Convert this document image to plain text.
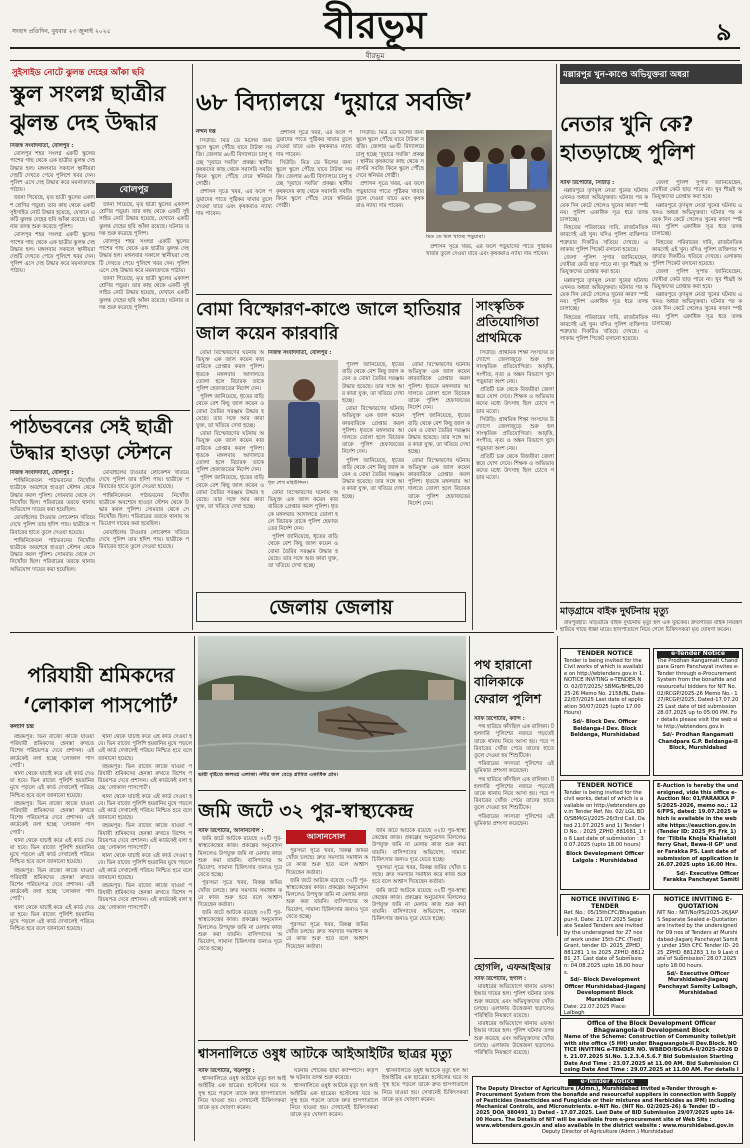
সংবাদ প্রতিদিন, বুধবার ২৩ জুলাই ২০২৫	বীরভূম	৯
বীরভূম
সুইসাইড নোটে ঝুলন্ত দেহের আঁকা ছবি
স্কুল সংলগ্ন ছাত্রীর ঝুলন্ত দেহ উদ্ধার
বোলপুর

নিজস্ব সংবাদদাতা, বোলপুর :

বোলপুর শহর সংলগ্ন একটি স্কুলের পাশের গাছ থেকে এক ছাত্রীর ঝুলন্ত দেহ উদ্ধার হল। মঙ্গলবার সকালে স্থানীয়রা দেহটি দেখতে পেয়ে পুলিশে খবর দেন। পুলিশ এসে দেহ উদ্ধার করে ময়নাতদন্তে পাঠায়।

জানা গিয়েছে, মৃত ছাত্রী স্কুলের একাদশ শ্রেণির পড়ুয়া। তার কাছ থেকে একটি সুইসাইড নোট উদ্ধার হয়েছে, যেখানে একটি ঝুলন্ত দেহের ছবি আঁকা রয়েছে। ঘটনার তদন্ত শুরু করেছে পুলিশ।

বোলপুর শহর সংলগ্ন একটি স্কুলের পাশের গাছ থেকে এক ছাত্রীর ঝুলন্ত দেহ উদ্ধার হল। মঙ্গলবার সকালে স্থানীয়রা দেহটি দেখতে পেয়ে পুলিশে খবর দেন। পুলিশ এসে দেহ উদ্ধার করে ময়নাতদন্তে পাঠায়।

জানা গিয়েছে, মৃত ছাত্রী স্কুলের একাদশ শ্রেণির পড়ুয়া। তার কাছ থেকে একটি সুইসাইড নোট উদ্ধার হয়েছে, যেখানে একটি ঝুলন্ত দেহের ছবি আঁকা রয়েছে। ঘটনার তদন্ত শুরু করেছে পুলিশ।

বোলপুর শহর সংলগ্ন একটি স্কুলের পাশের গাছ থেকে এক ছাত্রীর ঝুলন্ত দেহ উদ্ধার হল। মঙ্গলবার সকালে স্থানীয়রা দেহটি দেখতে পেয়ে পুলিশে খবর দেন। পুলিশ এসে দেহ উদ্ধার করে ময়নাতদন্তে পাঠায়।

জানা গিয়েছে, মৃত ছাত্রী স্কুলের একাদশ শ্রেণির পড়ুয়া। তার কাছ থেকে একটি সুইসাইড নোট উদ্ধার হয়েছে, যেখানে একটি ঝুলন্ত দেহের ছবি আঁকা রয়েছে। ঘটনার তদন্ত শুরু করেছে পুলিশ।

পাঠভবনের সেই ছাত্রী উদ্ধার হাওড়া স্টেশনে

নিজস্ব সংবাদদাতা, বোলপুর :

শান্তিনিকেতন পাঠভবনের নিখোঁজ ছাত্রীকে অবশেষে হাওড়া স্টেশন থেকে উদ্ধার করল পুলিশ। সোমবার থেকে সে নিখোঁজ ছিল। পরিবারের তরফে থানায় অভিযোগ দায়ের করা হয়েছিল।

মোবাইলের টাওয়ার লোকেশন খতিয়ে দেখে পুলিশ তার হদিশ পায়। ছাত্রীকে পরিবারের হাতে তুলে দেওয়া হয়েছে।

শান্তিনিকেতন পাঠভবনের নিখোঁজ ছাত্রীকে অবশেষে হাওড়া স্টেশন থেকে উদ্ধার করল পুলিশ। সোমবার থেকে সে নিখোঁজ ছিল। পরিবারের তরফে থানায় অভিযোগ দায়ের করা হয়েছিল।

মোবাইলের টাওয়ার লোকেশন খতিয়ে দেখে পুলিশ তার হদিশ পায়। ছাত্রীকে পরিবারের হাতে তুলে দেওয়া হয়েছে।

শান্তিনিকেতন পাঠভবনের নিখোঁজ ছাত্রীকে অবশেষে হাওড়া স্টেশন থেকে উদ্ধার করল পুলিশ। সোমবার থেকে সে নিখোঁজ ছিল। পরিবারের তরফে থানায় অভিযোগ দায়ের করা হয়েছিল।

মোবাইলের টাওয়ার লোকেশন খতিয়ে দেখে পুলিশ তার হদিশ পায়। ছাত্রীকে পরিবারের হাতে তুলে দেওয়া হয়েছে।

৬৮ বিদ্যালয়ে ‘দুয়ারে সবজি’
নন্দন দত্ত

সিউড়ি: মিড ডে মিলের জন্য স্কুলে স্কুলে পৌঁছে যাবে টাটকা সবজি। জেলার ৬৮টি বিদ্যালয়ে চালু হচ্ছে ‘দুয়ারে সবজি’ প্রকল্প। স্থানীয় কৃষকদের কাছ থেকে সরাসরি সবজি কিনে স্কুলে পৌঁছে দেবে স্বনির্ভর গোষ্ঠী।

প্রশাসন সূত্রে খবর, এর ফলে পড়ুয়াদের পাতে পুষ্টিকর খাবার তুলে দেওয়া যাবে এবং কৃষকরাও ন্যায্য দাম পাবেন।

প্রশাসন সূত্রে খবর, এর ফলে পড়ুয়াদের পাতে পুষ্টিকর খাবার তুলে দেওয়া যাবে এবং কৃষকরাও ন্যায্য দাম পাবেন।

সিউড়ি: মিড ডে মিলের জন্য স্কুলে স্কুলে পৌঁছে যাবে টাটকা সবজি। জেলার ৬৮টি বিদ্যালয়ে চালু হচ্ছে ‘দুয়ারে সবজি’ প্রকল্প। স্থানীয় কৃষকদের কাছ থেকে সরাসরি সবজি কিনে স্কুলে পৌঁছে দেবে স্বনির্ভর গোষ্ঠী।

সিউড়ি: মিড ডে মিলের জন্য স্কুলে স্কুলে পৌঁছে যাবে টাটকা সবজি। জেলার ৬৮টি বিদ্যালয়ে চালু হচ্ছে ‘দুয়ারে সবজি’ প্রকল্প। স্থানীয় কৃষকদের কাছ থেকে সরাসরি সবজি কিনে স্কুলে পৌঁছে দেবে স্বনির্ভর গোষ্ঠী।

প্রশাসন সূত্রে খবর, এর ফলে পড়ুয়াদের পাতে পুষ্টিকর খাবার তুলে দেওয়া যাবে এবং কৃষকরাও ন্যায্য দাম পাবেন।

মিড ডে মিল খাচ্ছে পড়ুয়ারা।

প্রশাসন সূত্রে খবর, এর ফলে পড়ুয়াদের পাতে পুষ্টিকর খাবার তুলে দেওয়া যাবে এবং কৃষকরাও ন্যায্য দাম পাবেন।

বোমা বিস্ফোরণ-কাণ্ডে জালে হাতিয়ার জাল কয়েন কারবারি

বোমা বিস্ফোরণের ঘটনায় অভিযুক্ত এক জাল কয়েন কারবারিকে গ্রেপ্তার করল পুলিশ। ধৃতকে মঙ্গলবার আদালতে তোলা হলে বিচারক তাকে পুলিশ হেফাজতের নির্দেশ দেন।

পুলিশ জানিয়েছে, ধৃতের বাড়ি থেকে বেশ কিছু জাল কয়েন ও বোমা তৈরির সরঞ্জাম উদ্ধার হয়েছে। তার সঙ্গে আর কারা যুক্ত, তা খতিয়ে দেখা হচ্ছে।

বোমা বিস্ফোরণের ঘটনায় অভিযুক্ত এক জাল কয়েন কারবারিকে গ্রেপ্তার করল পুলিশ। ধৃতকে মঙ্গলবার আদালতে তোলা হলে বিচারক তাকে পুলিশ হেফাজতের নির্দেশ দেন।

পুলিশ জানিয়েছে, ধৃতের বাড়ি থেকে বেশ কিছু জাল কয়েন ও বোমা তৈরির সরঞ্জাম উদ্ধার হয়েছে। তার সঙ্গে আর কারা যুক্ত, তা খতিয়ে দেখা হচ্ছে।

ধৃত শেখ মহিউদ্দিন।

নিজস্ব সংবাদদাতা, বোলপুর :

পুলিশ জানিয়েছে, ধৃতের বাড়ি থেকে বেশ কিছু জাল কয়েন ও বোমা তৈরির সরঞ্জাম উদ্ধার হয়েছে। তার সঙ্গে আর কারা যুক্ত, তা খতিয়ে দেখা হচ্ছে।

বোমা বিস্ফোরণের ঘটনায় অভিযুক্ত এক জাল কয়েন কারবারিকে গ্রেপ্তার করল পুলিশ। ধৃতকে মঙ্গলবার আদালতে তোলা হলে বিচারক তাকে পুলিশ হেফাজতের নির্দেশ দেন।

পুলিশ জানিয়েছে, ধৃতের বাড়ি থেকে বেশ কিছু জাল কয়েন ও বোমা তৈরির সরঞ্জাম উদ্ধার হয়েছে। তার সঙ্গে আর কারা যুক্ত, তা খতিয়ে দেখা হচ্ছে।

বোমা বিস্ফোরণের ঘটনায় অভিযুক্ত এক জাল কয়েন কারবারিকে গ্রেপ্তার করল পুলিশ। ধৃতকে মঙ্গলবার আদালতে তোলা হলে বিচারক তাকে পুলিশ হেফাজতের নির্দেশ দেন।

পুলিশ জানিয়েছে, ধৃতের বাড়ি থেকে বেশ কিছু জাল কয়েন ও বোমা তৈরির সরঞ্জাম উদ্ধার হয়েছে। তার সঙ্গে আর কারা যুক্ত, তা খতিয়ে দেখা হচ্ছে।

বোমা বিস্ফোরণের ঘটনায় অভিযুক্ত এক জাল কয়েন কারবারিকে গ্রেপ্তার করল পুলিশ। ধৃতকে মঙ্গলবার আদালতে তোলা হলে বিচারক তাকে পুলিশ হেফাজতের নির্দেশ দেন।

পুলিশ জানিয়েছে, ধৃতের বাড়ি থেকে বেশ কিছু জাল কয়েন ও বোমা তৈরির সরঞ্জাম উদ্ধার হয়েছে। তার সঙ্গে আর কারা যুক্ত, তা খতিয়ে দেখা হচ্ছে।

বোমা বিস্ফোরণের ঘটনায় অভিযুক্ত এক জাল কয়েন কারবারিকে গ্রেপ্তার করল পুলিশ। ধৃতকে মঙ্গলবার আদালতে তোলা হলে বিচারক তাকে পুলিশ হেফাজতের নির্দেশ দেন।

সাংস্কৃতিক প্রতিযোগিতা প্রাথমিকে

সিউড়ি: প্রাথমিক শিক্ষা সংসদের উদ্যোগে জেলাজুড়ে শুরু হল সাংস্কৃতিক প্রতিযোগিতা। আবৃত্তি, সংগীত, নৃত্য ও অঙ্কন বিভাগে খুদে পড়ুয়ারা অংশ নেয়।

প্রতিটি চক্র থেকে বিজয়ীরা জেলা স্তরে যোগ দেবে। শিক্ষক ও অভিভাবকদের মধ্যে উৎসাহ ছিল চোখে পড়ার মতো।

সিউড়ি: প্রাথমিক শিক্ষা সংসদের উদ্যোগে জেলাজুড়ে শুরু হল সাংস্কৃতিক প্রতিযোগিতা। আবৃত্তি, সংগীত, নৃত্য ও অঙ্কন বিভাগে খুদে পড়ুয়ারা অংশ নেয়।

প্রতিটি চক্র থেকে বিজয়ীরা জেলা স্তরে যোগ দেবে। শিক্ষক ও অভিভাবকদের মধ্যে উৎসাহ ছিল চোখে পড়ার মতো।

মল্লারপুর খুন-কাণ্ডে অভিযুক্তরা অধরা
নেতার খুনি কে? হাতড়াচ্ছে পুলিশ

স্টাফ রিপোর্টার, সিউড়ি :

মল্লারপুরে তৃণমূল নেতা খুনের ঘটনায় এখনও অধরা অভিযুক্তরা। ঘটনার পর কয়েক দিন কেটে গেলেও খুনের কারণ স্পষ্ট নয়। পুলিশ একাধিক সূত্র ধরে তদন্ত চালাচ্ছে।

নিহতের পরিবারের দাবি, রাজনৈতিক কারণেই এই খুন। যদিও পুলিশ ব্যক্তিগত শত্রুতার দিকটিও খতিয়ে দেখছে। এলাকায় পুলিশ পিকেট বসানো হয়েছে।

জেলা পুলিশ সুপার জানিয়েছেন, দোষীরা কেউ ছাড় পাবে না। খুব শীঘ্রই অভিযুক্তদের গ্রেপ্তার করা হবে।

মল্লারপুরে তৃণমূল নেতা খুনের ঘটনায় এখনও অধরা অভিযুক্তরা। ঘটনার পর কয়েক দিন কেটে গেলেও খুনের কারণ স্পষ্ট নয়। পুলিশ একাধিক সূত্র ধরে তদন্ত চালাচ্ছে।

নিহতের পরিবারের দাবি, রাজনৈতিক কারণেই এই খুন। যদিও পুলিশ ব্যক্তিগত শত্রুতার দিকটিও খতিয়ে দেখছে। এলাকায় পুলিশ পিকেট বসানো হয়েছে।

জেলা পুলিশ সুপার জানিয়েছেন, দোষীরা কেউ ছাড় পাবে না। খুব শীঘ্রই অভিযুক্তদের গ্রেপ্তার করা হবে।

মল্লারপুরে তৃণমূল নেতা খুনের ঘটনায় এখনও অধরা অভিযুক্তরা। ঘটনার পর কয়েক দিন কেটে গেলেও খুনের কারণ স্পষ্ট নয়। পুলিশ একাধিক সূত্র ধরে তদন্ত চালাচ্ছে।

নিহতের পরিবারের দাবি, রাজনৈতিক কারণেই এই খুন। যদিও পুলিশ ব্যক্তিগত শত্রুতার দিকটিও খতিয়ে দেখছে। এলাকায় পুলিশ পিকেট বসানো হয়েছে।

জেলা পুলিশ সুপার জানিয়েছেন, দোষীরা কেউ ছাড় পাবে না। খুব শীঘ্রই অভিযুক্তদের গ্রেপ্তার করা হবে।

মল্লারপুরে তৃণমূল নেতা খুনের ঘটনায় এখনও অধরা অভিযুক্তরা। ঘটনার পর কয়েক দিন কেটে গেলেও খুনের কারণ স্পষ্ট নয়। পুলিশ একাধিক সূত্র ধরে তদন্ত চালাচ্ছে।

মাড়গ্রামে বাইক দুর্ঘটনায় মৃত্যু

রামপুরহাট: মাড়গ্রামে বাইক দুর্ঘটনায় মৃত্যু হল এক যুবকের। দ্রুতগতির বাইক নিয়ন্ত্রণ হারিয়ে গাছে ধাক্কা মারে। হাসপাতালে নিয়ে গেলে চিকিৎসকরা মৃত ঘোষণা করেন।

জেলায় জেলায়
পরিযায়ী শ্রমিকদের ‘লোকাল পাসপোর্ট’
কল্যাণ চন্দ্র

বহরমপুর: ভিন রাজ্যে কাজে যাওয়া পরিযায়ী শ্রমিকদের হেনস্তা রুখতে বিশেষ পরিচয়পত্র দেবে প্রশাসন। এই কার্ডকেই বলা হচ্ছে ‘লোকাল পাসপোর্ট’।

থানা থেকে যাচাই করে এই কার্ড দেওয়া হবে। ভিন রাজ্যে পুলিশি হয়রানির মুখে পড়লে এই কার্ড দেখালেই পরিচয় নিশ্চিত হবে বলে জানানো হয়েছে।

বহরমপুর: ভিন রাজ্যে কাজে যাওয়া পরিযায়ী শ্রমিকদের হেনস্তা রুখতে বিশেষ পরিচয়পত্র দেবে প্রশাসন। এই কার্ডকেই বলা হচ্ছে ‘লোকাল পাসপোর্ট’।

থানা থেকে যাচাই করে এই কার্ড দেওয়া হবে। ভিন রাজ্যে পুলিশি হয়রানির মুখে পড়লে এই কার্ড দেখালেই পরিচয় নিশ্চিত হবে বলে জানানো হয়েছে।

বহরমপুর: ভিন রাজ্যে কাজে যাওয়া পরিযায়ী শ্রমিকদের হেনস্তা রুখতে বিশেষ পরিচয়পত্র দেবে প্রশাসন। এই কার্ডকেই বলা হচ্ছে ‘লোকাল পাসপোর্ট’।

থানা থেকে যাচাই করে এই কার্ড দেওয়া হবে। ভিন রাজ্যে পুলিশি হয়রানির মুখে পড়লে এই কার্ড দেখালেই পরিচয় নিশ্চিত হবে বলে জানানো হয়েছে।

থানা থেকে যাচাই করে এই কার্ড দেওয়া হবে। ভিন রাজ্যে পুলিশি হয়রানির মুখে পড়লে এই কার্ড দেখালেই পরিচয় নিশ্চিত হবে বলে জানানো হয়েছে।

বহরমপুর: ভিন রাজ্যে কাজে যাওয়া পরিযায়ী শ্রমিকদের হেনস্তা রুখতে বিশেষ পরিচয়পত্র দেবে প্রশাসন। এই কার্ডকেই বলা হচ্ছে ‘লোকাল পাসপোর্ট’।

থানা থেকে যাচাই করে এই কার্ড দেওয়া হবে। ভিন রাজ্যে পুলিশি হয়রানির মুখে পড়লে এই কার্ড দেখালেই পরিচয় নিশ্চিত হবে বলে জানানো হয়েছে।

বহরমপুর: ভিন রাজ্যে কাজে যাওয়া পরিযায়ী শ্রমিকদের হেনস্তা রুখতে বিশেষ পরিচয়পত্র দেবে প্রশাসন। এই কার্ডকেই বলা হচ্ছে ‘লোকাল পাসপোর্ট’।

থানা থেকে যাচাই করে এই কার্ড দেওয়া হবে। ভিন রাজ্যে পুলিশি হয়রানির মুখে পড়লে এই কার্ড দেখালেই পরিচয় নিশ্চিত হবে বলে জানানো হয়েছে।

বহরমপুর: ভিন রাজ্যে কাজে যাওয়া পরিযায়ী শ্রমিকদের হেনস্তা রুখতে বিশেষ পরিচয়পত্র দেবে প্রশাসন। এই কার্ডকেই বলা হচ্ছে ‘লোকাল পাসপোর্ট’।

ভারী বৃষ্টিতে জলমগ্ন এলাকা। নদীর জল বেড়ে প্লাবিত একাধিক গ্রাম।
জমি জটে ৩২ পুর-স্বাস্থ্যকেন্দ্র

স্টাফ রিপোর্টার, আসানসোল :

জমি জটে আটকে রয়েছে ৩২টি পুর-স্বাস্থ্যকেন্দ্রের কাজ। প্রকল্পের অনুমোদন মিললেও উপযুক্ত জমি না মেলায় কাজ শুরু করা যায়নি। বাসিন্দাদের অভিযোগ, সামান্য চিকিৎসার জন্যও দূরে যেতে হচ্ছে।

পুরসভা সূত্রে খবর, বিকল্প জমির খোঁজ চলছে। দ্রুত সমস্যার সমাধান করে কাজ শুরু হবে বলে আশ্বাস দিয়েছেন কর্তারা।

জমি জটে আটকে রয়েছে ৩২টি পুর-স্বাস্থ্যকেন্দ্রের কাজ। প্রকল্পের অনুমোদন মিললেও উপযুক্ত জমি না মেলায় কাজ শুরু করা যায়নি। বাসিন্দাদের অভিযোগ, সামান্য চিকিৎসার জন্যও দূরে যেতে হচ্ছে।

আসানসোল

পুরসভা সূত্রে খবর, বিকল্প জমির খোঁজ চলছে। দ্রুত সমস্যার সমাধান করে কাজ শুরু হবে বলে আশ্বাস দিয়েছেন কর্তারা।

জমি জটে আটকে রয়েছে ৩২টি পুর-স্বাস্থ্যকেন্দ্রের কাজ। প্রকল্পের অনুমোদন মিললেও উপযুক্ত জমি না মেলায় কাজ শুরু করা যায়নি। বাসিন্দাদের অভিযোগ, সামান্য চিকিৎসার জন্যও দূরে যেতে হচ্ছে।

পুরসভা সূত্রে খবর, বিকল্প জমির খোঁজ চলছে। দ্রুত সমস্যার সমাধান করে কাজ শুরু হবে বলে আশ্বাস দিয়েছেন কর্তারা।

জমি জটে আটকে রয়েছে ৩২টি পুর-স্বাস্থ্যকেন্দ্রের কাজ। প্রকল্পের অনুমোদন মিললেও উপযুক্ত জমি না মেলায় কাজ শুরু করা যায়নি। বাসিন্দাদের অভিযোগ, সামান্য চিকিৎসার জন্যও দূরে যেতে হচ্ছে।

পুরসভা সূত্রে খবর, বিকল্প জমির খোঁজ চলছে। দ্রুত সমস্যার সমাধান করে কাজ শুরু হবে বলে আশ্বাস দিয়েছেন কর্তারা।

জমি জটে আটকে রয়েছে ৩২টি পুর-স্বাস্থ্যকেন্দ্রের কাজ। প্রকল্পের অনুমোদন মিললেও উপযুক্ত জমি না মেলায় কাজ শুরু করা যায়নি। বাসিন্দাদের অভিযোগ, সামান্য চিকিৎসার জন্যও দূরে যেতে হচ্ছে।

পথ হারানো বালিকাকে ফেরাল পুলিশ

স্টাফ রিপোর্টার, কান্দি :

পথ হারিয়ে কাঁদছিল এক বালিকা। টহলদারি পুলিশের নজরে পড়তেই তাকে থানায় নিয়ে আসা হয়। পরে পরিবারের খোঁজ পেয়ে তাদের হাতে তুলে দেওয়া হয় শিশুটিকে।

পরিবারের সদস্যরা পুলিশের এই ভূমিকার প্রশংসা করেছেন।

পথ হারিয়ে কাঁদছিল এক বালিকা। টহলদারি পুলিশের নজরে পড়তেই তাকে থানায় নিয়ে আসা হয়। পরে পরিবারের খোঁজ পেয়ে তাদের হাতে তুলে দেওয়া হয় শিশুটিকে।

পরিবারের সদস্যরা পুলিশের এই ভূমিকার প্রশংসা করেছেন।

হোগলি, এফআইআর

স্টাফ রিপোর্টার, হুগলি :

মারধরের অভিযোগে থানায় এফআইআর দায়ের হল। পুলিশ ঘটনার তদন্ত শুরু করেছে এবং অভিযুক্তদের খোঁজ চলছে। এলাকায় উত্তেজনা ছড়ালেও পরিস্থিতি নিয়ন্ত্রণে রয়েছে।

মারধরের অভিযোগে থানায় এফআইআর দায়ের হল। পুলিশ ঘটনার তদন্ত শুরু করেছে এবং অভিযুক্তদের খোঁজ চলছে। এলাকায় উত্তেজনা ছড়ালেও পরিস্থিতি নিয়ন্ত্রণে রয়েছে।

শ্বাসনালিতে ওষুধ আটকে আইআইটির ছাত্রর মৃত্যু

স্টাফ রিপোর্টার, খড়্গপুর :

শ্বাসনালিতে ওষুধ আটকে মৃত্যু হল আইআইটির এক ছাত্রের। হস্টেলের ঘরে অসুস্থ হয়ে পড়লে তাকে দ্রুত হাসপাতালে নিয়ে যাওয়া হয়। সেখানেই চিকিৎসকরা তাকে মৃত ঘোষণা করেন।

ঘটনায় শোকের ছায়া ক্যাম্পাসে। কর্তৃপক্ষ ঘটনার তদন্ত শুরু করেছে।

শ্বাসনালিতে ওষুধ আটকে মৃত্যু হল আইআইটির এক ছাত্রের। হস্টেলের ঘরে অসুস্থ হয়ে পড়লে তাকে দ্রুত হাসপাতালে নিয়ে যাওয়া হয়। সেখানেই চিকিৎসকরা তাকে মৃত ঘোষণা করেন।

শ্বাসনালিতে ওষুধ আটকে মৃত্যু হল আইআইটির এক ছাত্রের। হস্টেলের ঘরে অসুস্থ হয়ে পড়লে তাকে দ্রুত হাসপাতালে নিয়ে যাওয়া হয়। সেখানেই চিকিৎসকরা তাকে মৃত ঘোষণা করেন।

TENDER NOTICE
Tender is being invited for the Civil works of which is available on http://wbtenders.gov.in 1. NOTICE INVITING e-TENDER NO. 02/07/2025/ SBMG/BHEL/2025-26 Memo No. 2158/BL Date- 22/07/2025 Last date of application 30/07/2025 (upto 17.00 Hours)
Sd/- Block Dev. Officer Beldanga-I Dev. Block Beldanga, Murshidabad
TENDER NOTICE
Tender is being invited for the civil works, detail of which is available on http://wbtenders.gov.in Tender Ref. No. 02/ LGL BDO/SBM(G)/2025-26/3rd Call, Dated 21.07.2025 and 1) Tender ID No. : 2025_ZPHD_881681_1 to 6 Last date of submission : 30.07.2025 (upto 18.00 hours)
Block Development Officer Lalgola : Murshidabad
e-Tender Notice
The Prodhan Rangamati Chandpara Gram Panchayat invites e-Tender through e-Procurement System from the bonafide and resourceful bidders for NIT No. 02/RCGP/2025-26 Memo No.- 127/RCGP/2025, Dated-17.07.2025 Last date of bid submission 28.07.2025 up to 05:00 PM. For details please visit the web site http://wbtenders.gov.in
Sd/- Prodhan Rangamati Chandpara G.P. Beldanga-II Block, Murshidabad
E-Auction is hereby the undersigned, vide this office e-Auction No: 01/FARAKKA PS/2025-2026, memo no.: 126/FPS, dated: 19.07.2025 which is available in the website https://eauction.gov.in (Tender ID: 2025_PS_Frk_1) for 'Tilbila Khojla Khaliatoli ferry Ghat, Bewa-II GP' under Farakka PS. Last date of submission of application is 26.07.2025 upto 16.00 Hrs.
Sd/- Executive Officer Farakka Panchayat Samiti
NOTICE INVITING E-TENDER
Ref. No.: 05/15thCFC/Bhagabanpur-II, Date: 21.07.2025 Separate Sealed Tenders are invited by the undersigned for 27 nos of work under 15th CFC (Tied) Grant, tender ID- 2025_ZPHD_881281_1 to 2025_ZPHD_881281_27. Last date of Submission: 04.08.2025 upto 18.00 hours.
Sd/- Block Development Officer Murshidabad-Jiaganj Development Block Murshidabad
Date: 22.07.2025 Place: Lalbagh
NOTICE INVITING E-QUOTATION
NIT No.: NIT/No/PS/2025-26/JAPS Separate Sealed e-Quotation are invited by the undersigned for 09 nos of Tenders at Murshidabad-Jiaganj Panchayat Samity under 15th CFC Tender ID- 2025_ZPHD_881283_1 to 9 Last date of Submission: 28.07.2025 upto 18:00 hours.
Sd/- Executive Officer Murshidabad-Jiaganj Panchayat Samity Lalbagh, Murshidabad
Office of the Block Development Officer Bhagwangola-II Development Block
Name of the Scheme: Construction of Community toilet/pit with site office (5 HH) under Bhagwangola-II Dev.Block. NOTICE INVITING e-TENDER NO. WBBDO/BGOLA-II/2025-2026 Dt. 21.07.2025 Sl.No. 1.2.3.4.5.6.7 Bid Submission Starting Date And Time : 23.07.2025 at 11.00 AM. Bid Submission Closing Date And Time : 29.07.2025 at 11.00 AM. For details l
e-Tender Notice
The Deputy Director of Agriculture (Admn.), Murshidabad invited e-Tender through e-Procurement System from the bonafide and resourceful suppliers in connection with Supply of Pesticides (Insecticides and Fungicide or their mixtures and Herbicides as IPM) including Mechanical Controls, and Micronutrients. e-NIT No. (NIT No. 02/2025-26) & Tender ID - 2025_DOA_880491_1) Dated - 17.07.2025. Last Date of BID Submission 29/07/2025 upto 14-00 Hours. The Details of NIT will be available from e-procurement site of Web Site : www.wbtenders.gov.in and also available in the district website : www.murshidabad.gov.in
Deputy Director of Agriculture (Admn.) Murshidabad
